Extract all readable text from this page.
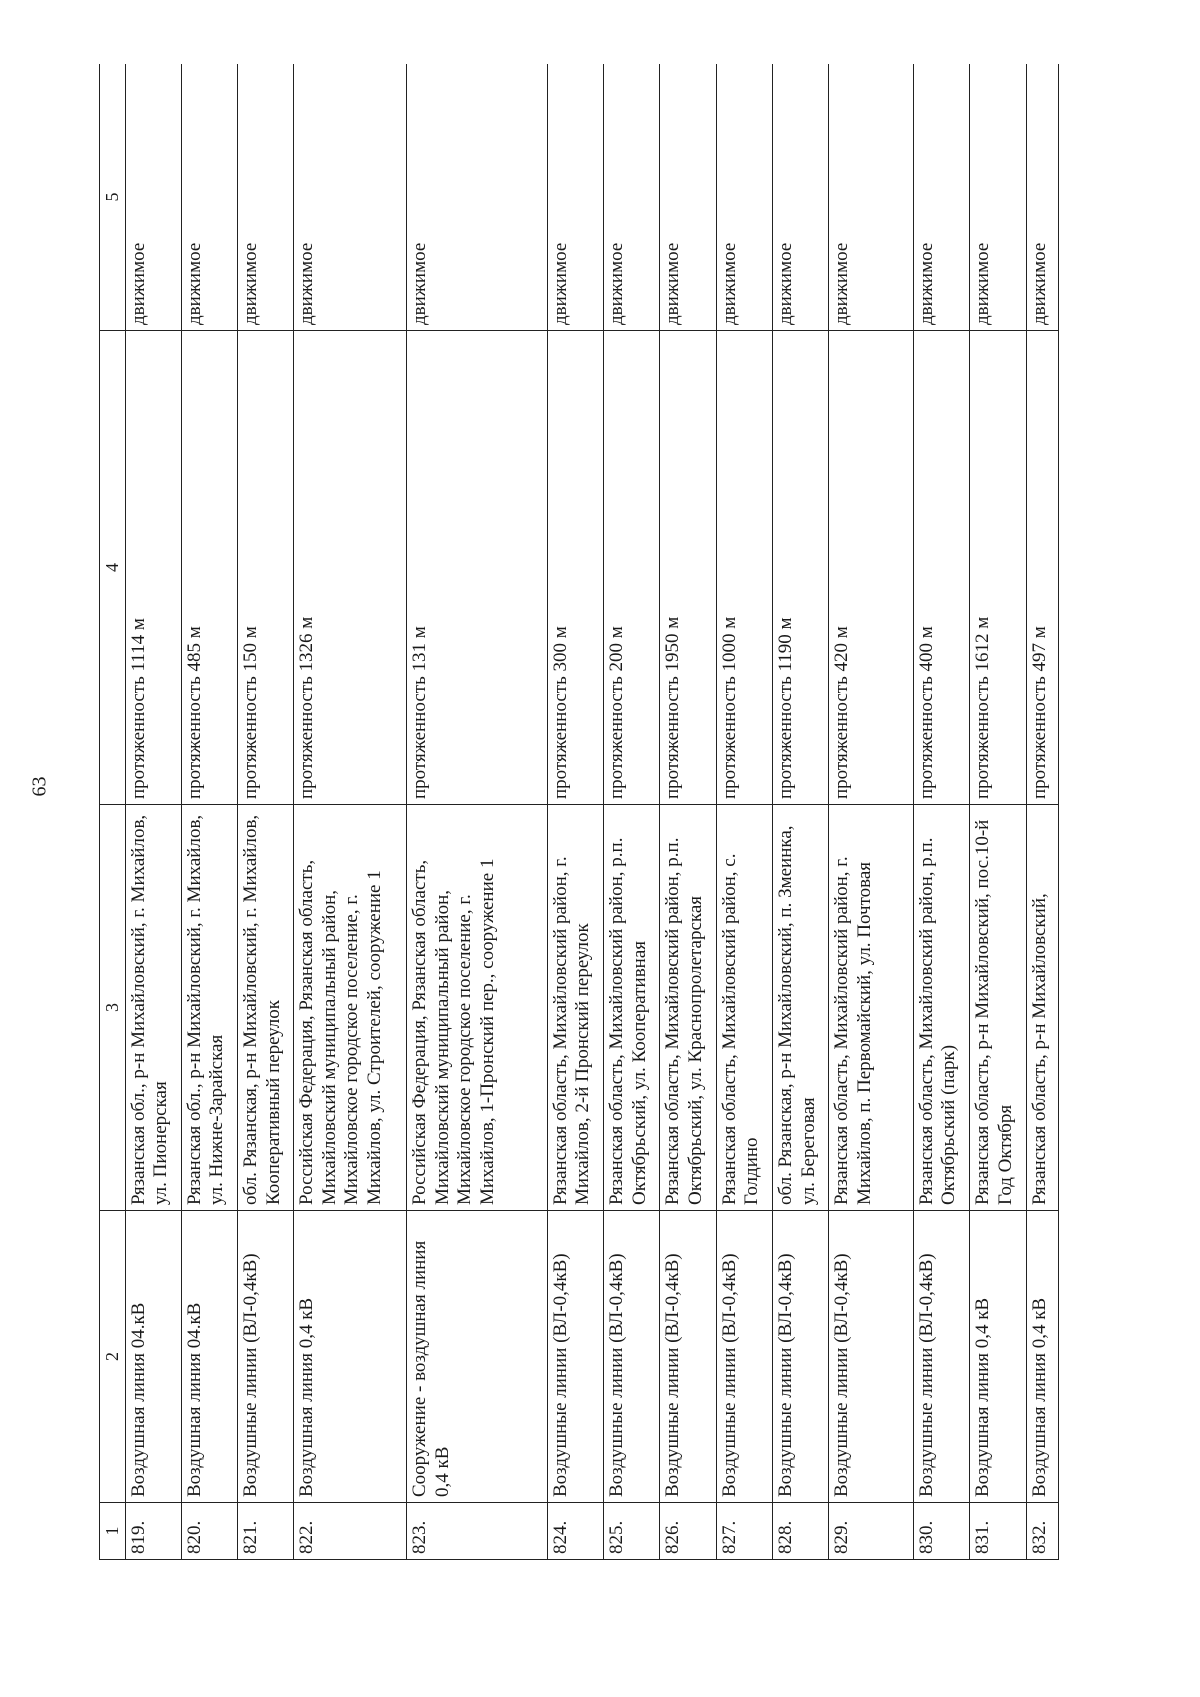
63
1	2	3	4	5
819.	Воздушная линия 04.кВ	Рязанская обл., р-н Михайловский, г. Михайлов, ул. Пионерская	протяженность 1114 м	движимое
820.	Воздушная линия 04.кВ	Рязанская обл., р-н Михайловский, г. Михайлов, ул. Нижне-Зарайская	протяженность 485 м	движимое
821.	Воздушные линии (ВЛ-0,4кВ)	обл. Рязанская, р-н Михайловский, г. Михайлов, Кооперативный переулок	протяженность 150 м	движимое
822.	Воздушная линия 0,4 кВ	Российская Федерация, Рязанская область, Михайловский муниципальный район, Михайловское городское поселение, г. Михайлов, ул. Строителей, сооружение 1	протяженность 1326 м	движимое
823.	Сооружение - воздушная линия 0,4 кВ	Российская Федерация, Рязанская область, Михайловский муниципальный район, Михайловское городское поселение, г. Михайлов, 1-Пронский пер., сооружение 1	протяженность 131 м	движимое
824.	Воздушные линии (ВЛ-0,4кВ)	Рязанская область, Михайловский район, г. Михайлов, 2-й Пронский переулок	протяженность 300 м	движимое
825.	Воздушные линии (ВЛ-0,4кВ)	Рязанская область, Михайловский район, р.п. Октябрьский, ул. Кооперативная	протяженность 200 м	движимое
826.	Воздушные линии (ВЛ-0,4кВ)	Рязанская область, Михайловский район, р.п. Октябрьский, ул. Краснопролетарская	протяженность 1950 м	движимое
827.	Воздушные линии (ВЛ-0,4кВ)	Рязанская область, Михайловский район, с. Голдино	протяженность 1000 м	движимое
828.	Воздушные линии (ВЛ-0,4кВ)	обл. Рязанская, р-н Михайловский, п. Змеинка, ул. Береговая	протяженность 1190 м	движимое
829.	Воздушные линии (ВЛ-0,4кВ)	Рязанская область, Михайловский район, г. Михайлов, п. Первомайский, ул. Почтовая	протяженность 420 м	движимое
830.	Воздушные линии (ВЛ-0,4кВ)	Рязанская область, Михайловский район, р.п. Октябрьский (парк)	протяженность 400 м	движимое
831.	Воздушная линия 0,4 кВ	Рязанская область, р-н Михайловский, пос.10-й Год Октября	протяженность 1612 м	движимое
832.	Воздушная линия 0,4 кВ	Рязанская область, р-н Михайловский,	протяженность 497 м	движимое
